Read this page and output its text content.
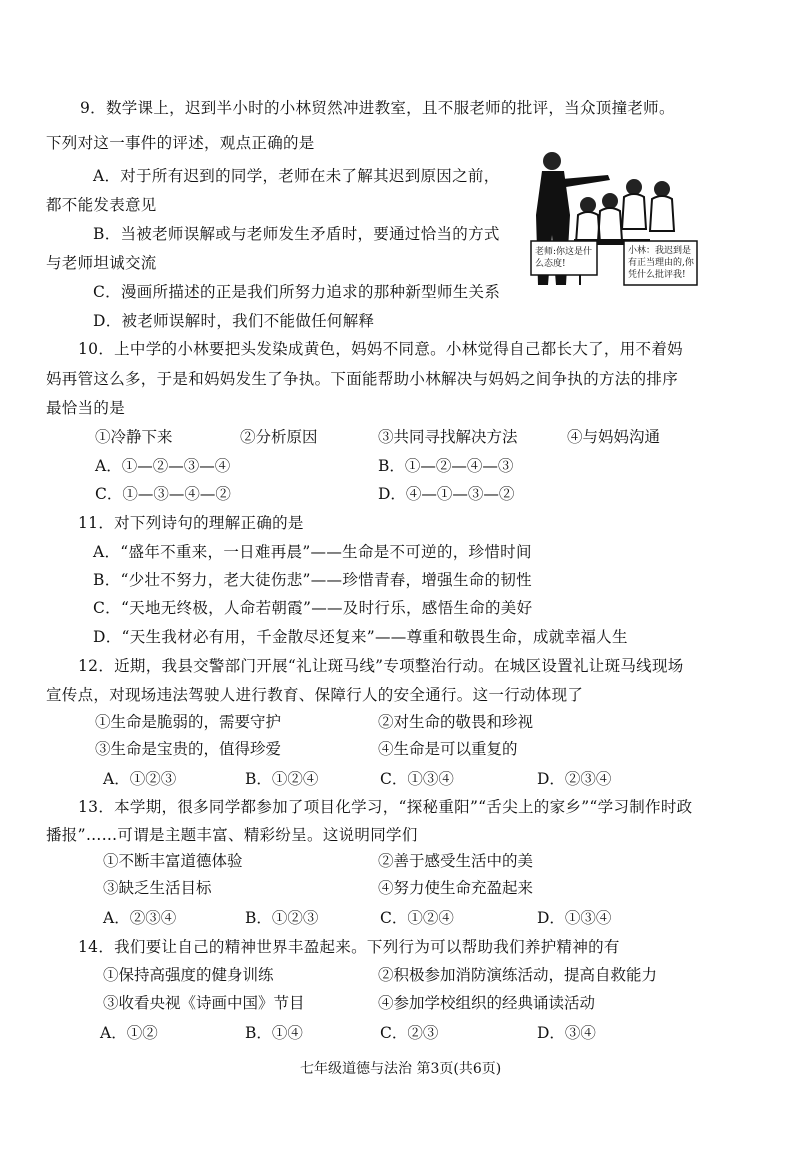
9．数学课上，迟到半小时的小林贸然冲进教室，且不服老师的批评，当众顶撞老师。
下列对这一事件的评述，观点正确的是
A．对于所有迟到的同学，老师在未了解其迟到原因之前，
都不能发表意见
B．当被老师误解或与老师发生矛盾时，要通过恰当的方式
与老师坦诚交流
C．漫画所描述的正是我们所努力追求的那种新型师生关系
D．被老师误解时，我们不能做任何解释
老师:你这是什么态度!
小林：我迟到是有正当理由的,你凭什么批评我!
10．上中学的小林要把头发染成黄色，妈妈不同意。小林觉得自己都长大了，用不着妈
妈再管这么多，于是和妈妈发生了争执。下面能帮助小林解决与妈妈之间争执的方法的排序
最恰当的是
①冷静下来	②分析原因	③共同寻找解决方法	④与妈妈沟通
A．①—②—③—④	B．①—②—④—③
C．①—③—④—②	D．④—①—③—②
11．对下列诗句的理解正确的是
A．“盛年不重来，一日难再晨”——生命是不可逆的，珍惜时间
B．“少壮不努力，老大徒伤悲”——珍惜青春，增强生命的韧性
C．“天地无终极，人命若朝霞”——及时行乐，感悟生命的美好
D．“天生我材必有用，千金散尽还复来”——尊重和敬畏生命，成就幸福人生
12．近期，我县交警部门开展“礼让斑马线”专项整治行动。在城区设置礼让斑马线现场
宣传点，对现场违法驾驶人进行教育、保障行人的安全通行。这一行动体现了
①生命是脆弱的，需要守护	②对生命的敬畏和珍视
③生命是宝贵的，值得珍爱	④生命是可以重复的
A．①②③	B．①②④	C．①③④	D．②③④
13．本学期，很多同学都参加了项目化学习，“探秘重阳”“舌尖上的家乡”“学习制作时政
播报”……可谓是主题丰富、精彩纷呈。这说明同学们
①不断丰富道德体验	②善于感受生活中的美
③缺乏生活目标	④努力使生命充盈起来
A．②③④	B．①②③	C．①②④	D．①③④
14．我们要让自己的精神世界丰盈起来。下列行为可以帮助我们养护精神的有
①保持高强度的健身训练	②积极参加消防演练活动，提高自救能力
③收看央视《诗画中国》节目	④参加学校组织的经典诵读活动
A．①②	B．①④	C．②③	D．③④
七年级道德与法治 第3页(共6页)
